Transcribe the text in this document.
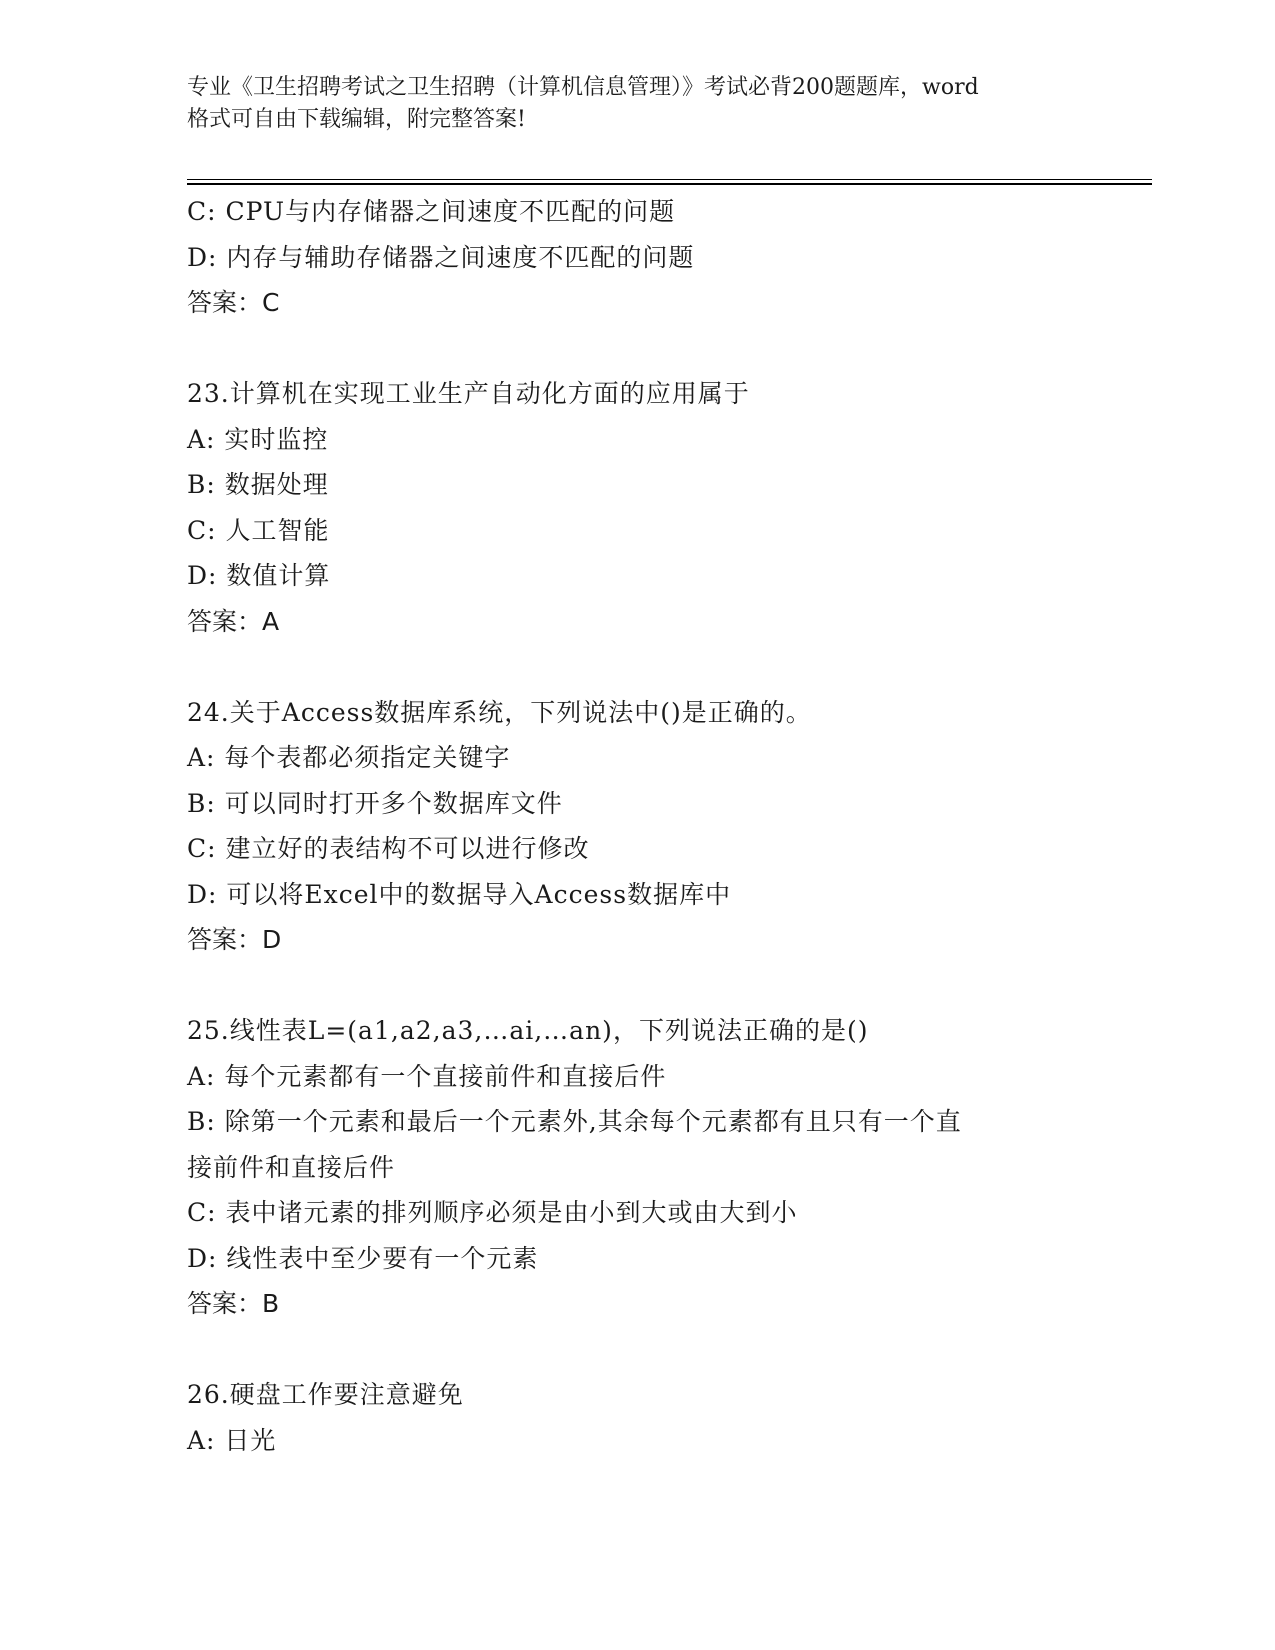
专业《卫生招聘考试之卫生招聘（计算机信息管理）》考试必背200题题库，word
格式可自由下载编辑，附完整答案!
C: CPU与内存储器之间速度不匹配的问题
D: 内存与辅助存储器之间速度不匹配的问题
答案：C
23.计算机在实现工业生产自动化方面的应用属于
A: 实时监控
B: 数据处理
C: 人工智能
D: 数值计算
答案：A
24.关于Access数据库系统，下列说法中()是正确的。
A: 每个表都必须指定关键字
B: 可以同时打开多个数据库文件
C: 建立好的表结构不可以进行修改
D: 可以将Excel中的数据导入Access数据库中
答案：D
25.线性表L=(a1,a2,a3,…ai,…an)，下列说法正确的是()
A: 每个元素都有一个直接前件和直接后件
B: 除第一个元素和最后一个元素外,其余每个元素都有且只有一个直
接前件和直接后件
C: 表中诸元素的排列顺序必须是由小到大或由大到小
D: 线性表中至少要有一个元素
答案：B
26.硬盘工作要注意避免
A: 日光
